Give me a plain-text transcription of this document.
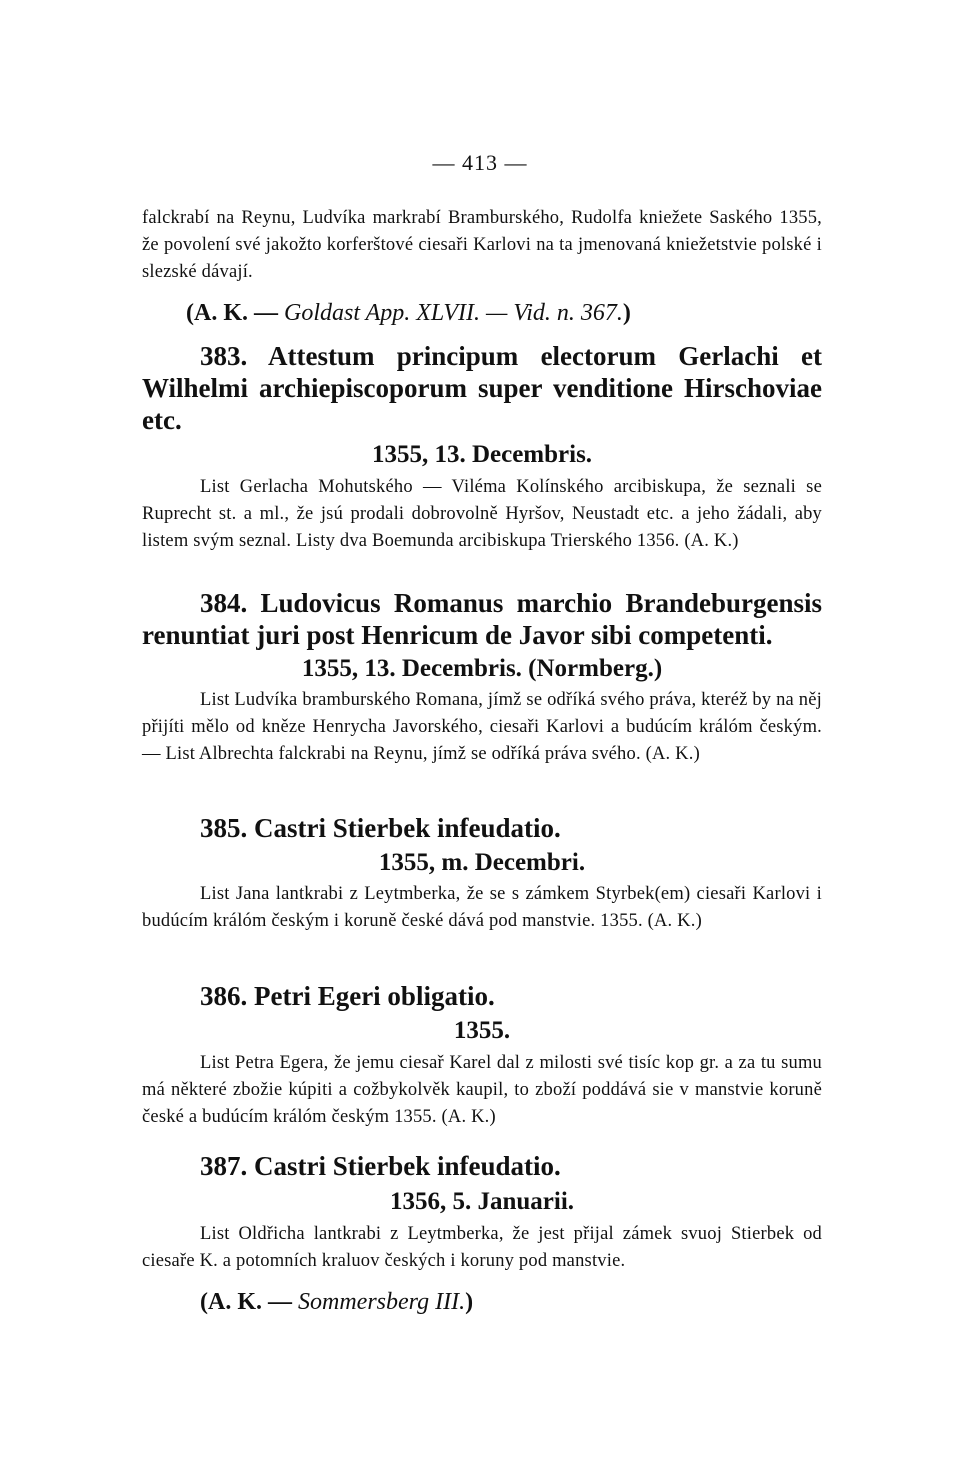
— 413 —

falckrabí na Reynu, Ludvíka markrabí Bramburského, Rudolfa kniežete Saského 1355, že povolení své jakožto korferštové ciesaři Karlovi na ta jmenovaná kniežetstvie polské i slezské dávají.

(A. K. — Goldast App. XLVII. — Vid. n. 367.)

383. Attestum principum electorum Gerlachi et Wilhelmi archiepiscoporum super venditione Hirschoviae etc.

1355, 13. Decembris.

List Gerlacha Mohutského — Viléma Kolínského arcibiskupa, že seznali se Ruprecht st. a ml., že jsú prodali dobrovolně Hyršov, Neustadt etc. a jeho žádali, aby listem svým seznal. Listy dva Boemunda arcibiskupa Trierského 1356. (A. K.)

384. Ludovicus Romanus marchio Brandeburgensis renuntiat juri post Henricum de Javor sibi competenti.

1355, 13. Decembris. (Normberg.)

List Ludvíka bramburského Romana, jímž se odříká svého práva, kteréž by na něj přijíti mělo od kněze Henrycha Javorského, ciesaři Karlovi a budúcím králóm českým. — List Albrechta falckrabi na Reynu, jímž se odříká práva svého. (A. K.)

385. Castri Stierbek infeudatio.

1355, m. Decembri.

List Jana lantkrabi z Leytmberka, že se s zámkem Styrbek(em) ciesaři Karlovi i budúcím králóm českým i koruně české dává pod manstvie. 1355. (A. K.)

386. Petri Egeri obligatio.

1355.

List Petra Egera, že jemu ciesař Karel dal z milosti své tisíc kop gr. a za tu sumu má některé zbožie kúpiti a cožbykolvěk kaupil, to zboží poddává sie v manstvie koruně české a budúcím králóm českým 1355. (A. K.)

387. Castri Stierbek infeudatio.

1356, 5. Januarii.

List Oldřicha lantkrabi z Leytmberka, že jest přijal zámek svuoj Stierbek od ciesaře K. a potomních kraluov českých i koruny pod manstvie.

(A. K. — Sommersberg III.)
